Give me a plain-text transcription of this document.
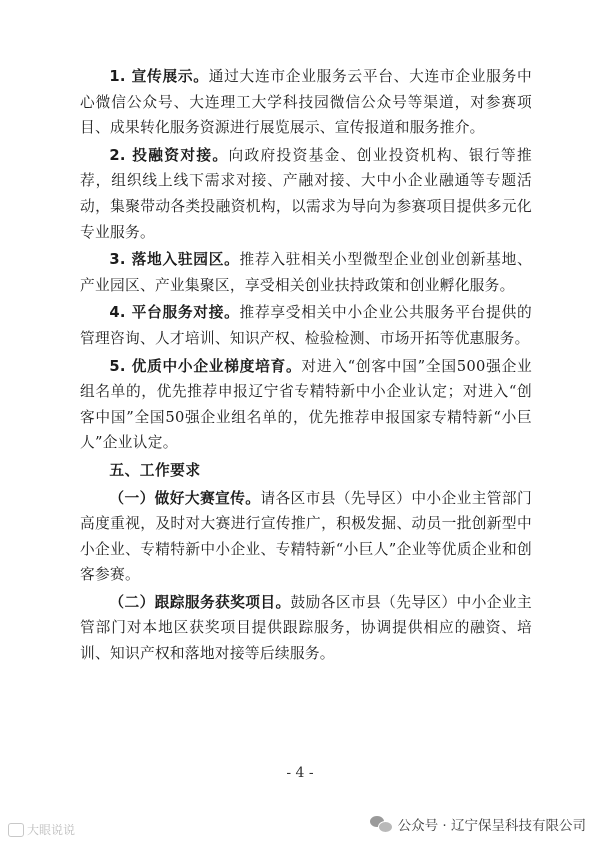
1. 宣传展示。通过大连市企业服务云平台、大连市企业服务中心微信公众号、大连理工大学科技园微信公众号等渠道，对参赛项目、成果转化服务资源进行展览展示、宣传报道和服务推介。

2. 投融资对接。向政府投资基金、创业投资机构、银行等推荐，组织线上线下需求对接、产融对接、大中小企业融通等专题活动，集聚带动各类投融资机构，以需求为导向为参赛项目提供多元化专业服务。

3. 落地入驻园区。推荐入驻相关小型微型企业创业创新基地、产业园区、产业集聚区，享受相关创业扶持政策和创业孵化服务。

4. 平台服务对接。推荐享受相关中小企业公共服务平台提供的管理咨询、人才培训、知识产权、检验检测、市场开拓等优惠服务。

5. 优质中小企业梯度培育。对进入“创客中国”全国500强企业组名单的，优先推荐申报辽宁省专精特新中小企业认定；对进入“创客中国”全国50强企业组名单的，优先推荐申报国家专精特新“小巨人”企业认定。

五、工作要求

（一）做好大赛宣传。请各区市县（先导区）中小企业主管部门高度重视，及时对大赛进行宣传推广，积极发掘、动员一批创新型中小企业、专精特新中小企业、专精特新“小巨人”企业等优质企业和创客参赛。

（二）跟踪服务获奖项目。鼓励各区市县（先导区）中小企业主管部门对本地区获奖项目提供跟踪服务，协调提供相应的融资、培训、知识产权和落地对接等后续服务。

- 4 -
大眼说说	公众号 · 辽宁保呈科技有限公司
